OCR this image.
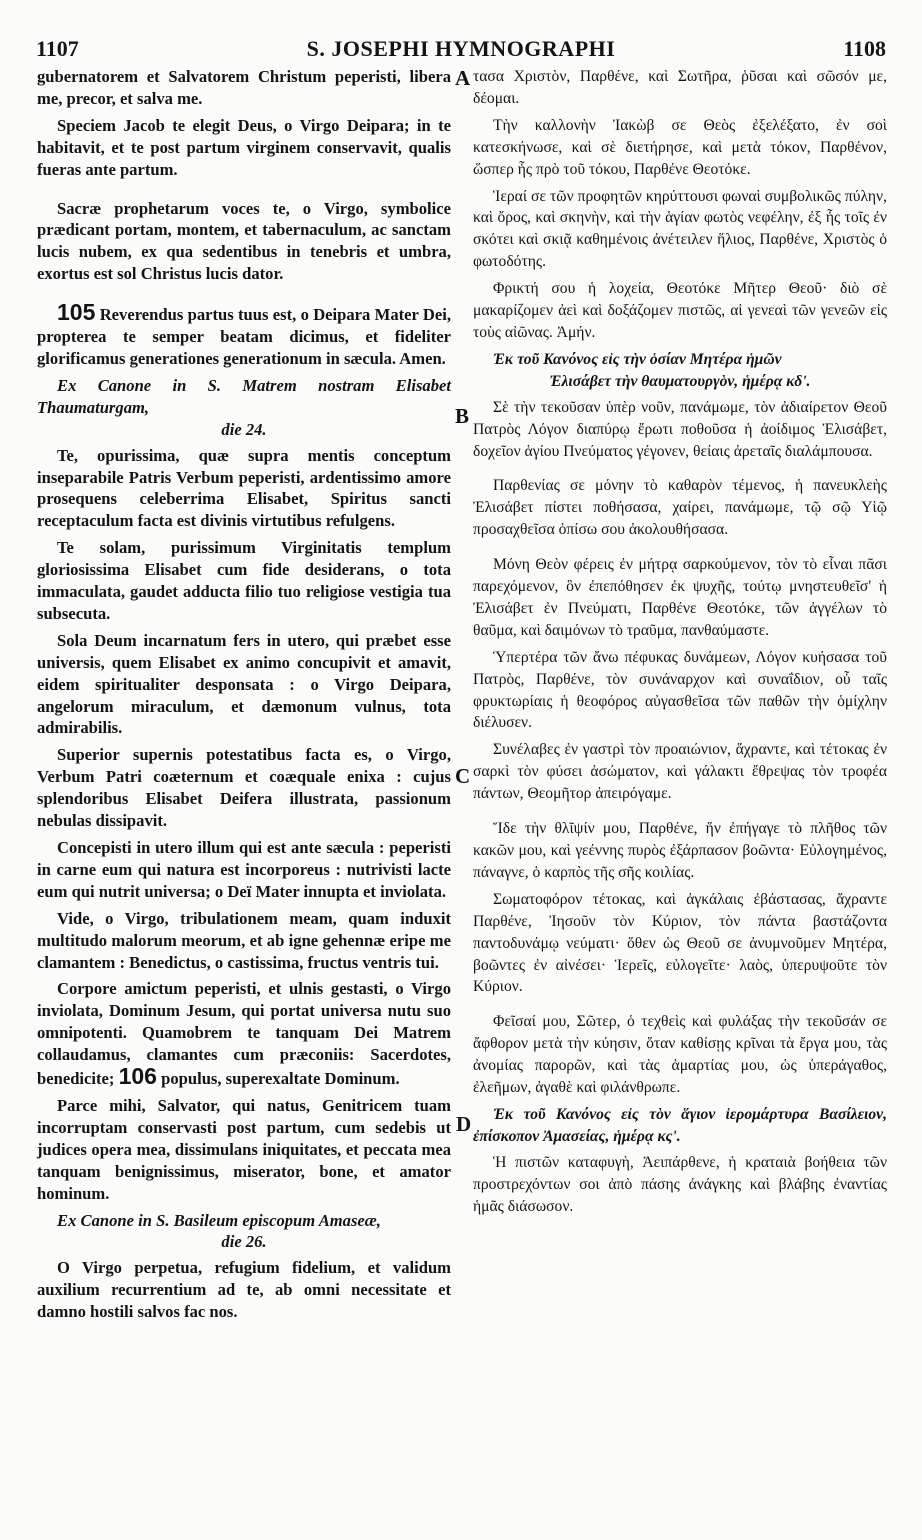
1107	S. JOSEPHI HYMNOGRAPHI	1108
A
B
C
D

gubernatorem et Salvatorem Christum peperisti, libera me, precor, et salva me.

Speciem Jacob te elegit Deus, o Virgo Deipara; in te habitavit, et te post partum virginem conservavit, qualis fueras ante partum.

Sacræ prophetarum voces te, o Virgo, symbolice prædicant portam, montem, et tabernaculum, ac sanctam lucis nubem, ex qua sedentibus in tenebris et umbra, exortus est sol Christus lucis dator.

105 Reverendus partus tuus est, o Deipara Mater Dei, propterea te semper beatam dicimus, et fideliter glorificamus generationes generationum in sæcula. Amen.

Ex Canone in S. Matrem nostram Elisabet Thaumaturgam,
die 24.

Te, opurissima, quæ supra mentis conceptum inseparabile Patris Verbum peperisti, ardentissimo amore prosequens celeberrima Elisabet, Spiritus sancti receptaculum facta est divinis virtutibus refulgens.

Te solam, purissimum Virginitatis templum gloriosissima Elisabet cum fide desiderans, o tota immaculata, gaudet adducta filio tuo religiose vestigia tua subsecuta.

Sola Deum incarnatum fers in utero, qui præbet esse universis, quem Elisabet ex animo concupivit et amavit, eidem spiritualiter desponsata : o Virgo Deipara, angelorum miraculum, et dæmonum vulnus, tota admirabilis.

Superior supernis potestatibus facta es, o Virgo, Verbum Patri coæternum et coæquale enixa : cujus splendoribus Elisabet Deifera illustrata, passionum nebulas dissipavit.

Concepisti in utero illum qui est ante sæcula : peperisti in carne eum qui natura est incorporeus : nutrivisti lacte eum qui nutrit universa; o Deï Mater innupta et inviolata.

Vide, o Virgo, tribulationem meam, quam induxit multitudo malorum meorum, et ab igne gehennæ eripe me clamantem : Benedictus, o castissima, fructus ventris tui.

Corpore amictum peperisti, et ulnis gestasti, o Virgo inviolata, Dominum Jesum, qui portat universa nutu suo omnipotenti. Quamobrem te tanquam Dei Matrem collaudamus, clamantes cum præconiis: Sacerdotes, benedicite; 106 populus, superexaltate Dominum.

Parce mihi, Salvator, qui natus, Genitricem tuam incorruptam conservasti post partum, cum sedebis ut judices opera mea, dissimulans iniquitates, et peccata mea tanquam benignissimus, miserator, bone, et amator hominum.

Ex Canone in S. Basileum episcopum Amaseæ,
die 26.

O Virgo perpetua, refugium fidelium, et validum auxilium recurrentium ad te, ab omni necessitate et damno hostili salvos fac nos.

τασα Χριστὸν, Παρθένε, καὶ Σωτῆρα, ῥῦσαι καὶ σῶσόν με, δέομαι.

Τὴν καλλονὴν Ἰακὼβ σε Θεὸς ἐξελέξατο, ἐν σοὶ κατεσκήνωσε, καὶ σὲ διετήρησε, καὶ μετὰ τόκον, Παρθένον, ὥσπερ ἧς πρὸ τοῦ τόκου, Παρθένε Θεοτόκε.

Ἱεραί σε τῶν προφητῶν κηρύττουσι φωναὶ συμβολικῶς πύλην, καὶ ὄρος, καὶ σκηνὴν, καὶ τὴν ἁγίαν φωτὸς νεφέλην, ἐξ ἧς τοῖς ἐν σκότει καὶ σκιᾷ καθημένοις ἀνέτειλεν ἥλιος, Παρθένε, Χριστὸς ὁ φωτοδότης.

Φρικτή σου ἡ λοχεία, Θεοτόκε Μῆτερ Θεοῦ· διὸ σὲ μακαρίζομεν ἀεὶ καὶ δοξάζομεν πιστῶς, αἱ γενεαὶ τῶν γενεῶν εἰς τοὺς αἰῶνας. Ἀμήν.

Ἐκ τοῦ Κανόνος εἰς τὴν ὁσίαν Μητέρα ἡμῶν
Ἐλισάβετ τὴν θαυματουργὸν, ἡμέρᾳ κδʹ.

Σὲ τὴν τεκοῦσαν ὑπὲρ νοῦν, πανάμωμε, τὸν ἀδιαίρετον Θεοῦ Πατρὸς Λόγον διαπύρῳ ἔρωτι ποθοῦσα ἡ ἀοίδιμος Ἐλισάβετ, δοχεῖον ἁγίου Πνεύματος γέγονεν, θείαις ἀρεταῖς διαλάμπουσα.

Παρθενίας σε μόνην τὸ καθαρὸν τέμενος, ἡ πανευκλεὴς Ἐλισάβετ πίστει ποθήσασα, χαίρει, πανάμωμε, τῷ σῷ Υἱῷ προσαχθεῖσα ὀπίσω σου ἀκολουθήσασα.

Μόνη Θεὸν φέρεις ἐν μήτρᾳ σαρκούμενον, τὸν τὸ εἶναι πᾶσι παρεχόμενον, ὃν ἐπεπόθησεν ἐκ ψυχῆς, τούτῳ μνηστευθεῖσ' ἡ Ἐλισάβετ ἐν Πνεύματι, Παρθένε Θεοτόκε, τῶν ἀγγέλων τὸ θαῦμα, καὶ δαιμόνων τὸ τραῦμα, πανθαύμαστε.

Ὑπερτέρα τῶν ἄνω πέφυκας δυνάμεων, Λόγον κυήσασα τοῦ Πατρὸς, Παρθένε, τὸν συνάναρχον καὶ συναΐδιον, οὗ ταῖς φρυκτωρίαις ἡ θεοφόρος αὐγασθεῖσα τῶν παθῶν τὴν ὁμίχλην διέλυσεν.

Συνέλαβες ἐν γαστρὶ τὸν προαιώνιον, ἄχραντε, καὶ τέτοκας ἐν σαρκὶ τὸν φύσει ἀσώματον, καὶ γάλακτι ἔθρεψας τὸν τροφέα πάντων, Θεομῆτορ ἀπειρόγαμε.

Ἴδε τὴν θλῖψίν μου, Παρθένε, ἥν ἐπήγαγε τὸ πλῆθος τῶν κακῶν μου, καὶ γεέννης πυρὸς ἐξάρπασον βοῶντα· Εὐλογημένος, πάναγνε, ὁ καρπὸς τῆς σῆς κοιλίας.

Σωματοφόρον τέτοκας, καὶ ἀγκάλαις ἐβάστασας, ἄχραντε Παρθένε, Ἰησοῦν τὸν Κύριον, τὸν πάντα βαστάζοντα παντοδυνάμῳ νεύματι· ὅθεν ὡς Θεοῦ σε ἀνυμνοῦμεν Μητέρα, βοῶντες ἐν αἰνέσει· Ἱερεῖς, εὐλογεῖτε· λαὸς, ὑπερυψοῦτε τὸν Κύριον.

Φεῖσαί μου, Σῶτερ, ὁ τεχθεὶς καὶ φυλάξας τὴν τεκοῦσάν σε ἄφθορον μετὰ τὴν κύησιν, ὅταν καθίσῃς κρῖναι τὰ ἔργα μου, τὰς ἀνομίας παρορῶν, καὶ τὰς ἁμαρτίας μου, ὡς ὑπεράγαθος, ἐλεῆμων, ἀγαθὲ καὶ φιλάνθρωπε.

Ἐκ τοῦ Κανόνος εἰς τὸν ἅγιον ἱερομάρτυρα Βασίλειον, ἐπίσκοπον Ἀμασείας, ἡμέρᾳ κςʹ.

Ἡ πιστῶν καταφυγὴ, Ἀειπάρθενε, ἡ κραταιὰ βοήθεια τῶν προστρεχόντων σοι ἀπὸ πάσης ἀνάγκης καὶ βλάβης ἐναντίας ἡμᾶς διάσωσον.
